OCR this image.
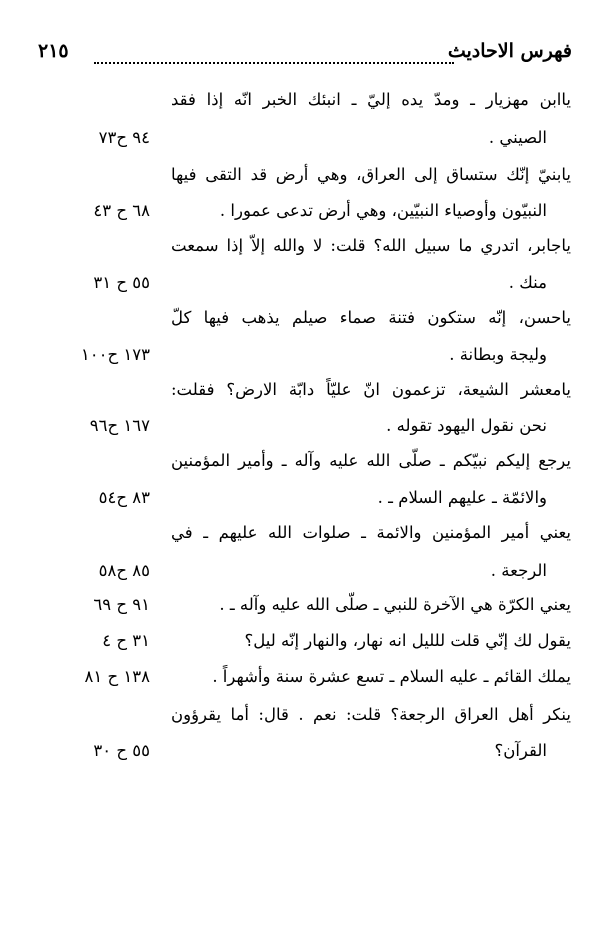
فهرس الاحاديث
٢١٥
ياابن مهزيار ـ ومدّ يده إليّ ـ انبئك الخبر انّه إذا فقد
الصيني .
٩٤ ح٧٣
يابنيّ إنّك ستساق إلى العراق، وهي أرض قد التقى فيها
النبيّون وأوصياء النبيّين، وهي أرض تدعى عمورا .
٦٨ ح ٤٣
ياجابر، اتدري ما سبيل الله؟ قلت: لا والله إلاّ إذا سمعت
منك .
٥٥ ح ٣١
ياحسن، إنّه ستكون فتنة صماء صيلم يذهب فيها كلّ
وليجة وبطانة .
١٧٣ ح١٠٠
يامعشر الشيعة، تزعمون انّ عليّاً دابّة الارض؟ فقلت:
نحن نقول اليهود تقوله .
١٦٧ ح٩٦
يرجع إليكم نبيّكم ـ صلّى الله عليه وآله ـ وأمير المؤمنين
والائمّة ـ عليهم السلام ـ .
٨٣ ح٥٤
يعني أمير المؤمنين والائمة ـ صلوات الله عليهم ـ في
الرجعة .
٨٥ ح٥٨
يعني الكرّة هي الآخرة للنبي ـ صلّى الله عليه وآله ـ .
٩١ ح ٦٩
يقول لك إنّي قلت للليل انه نهار، والنهار إنّه ليل؟
٣١ ح ٤
يملك القائم ـ عليه السلام ـ تسع عشرة سنة وأشهراً .
١٣٨ ح ٨١
ينكر أهل العراق الرجعة؟ قلت: نعم . قال: أما يقرؤون
القرآن؟
٥٥ ح ٣٠
